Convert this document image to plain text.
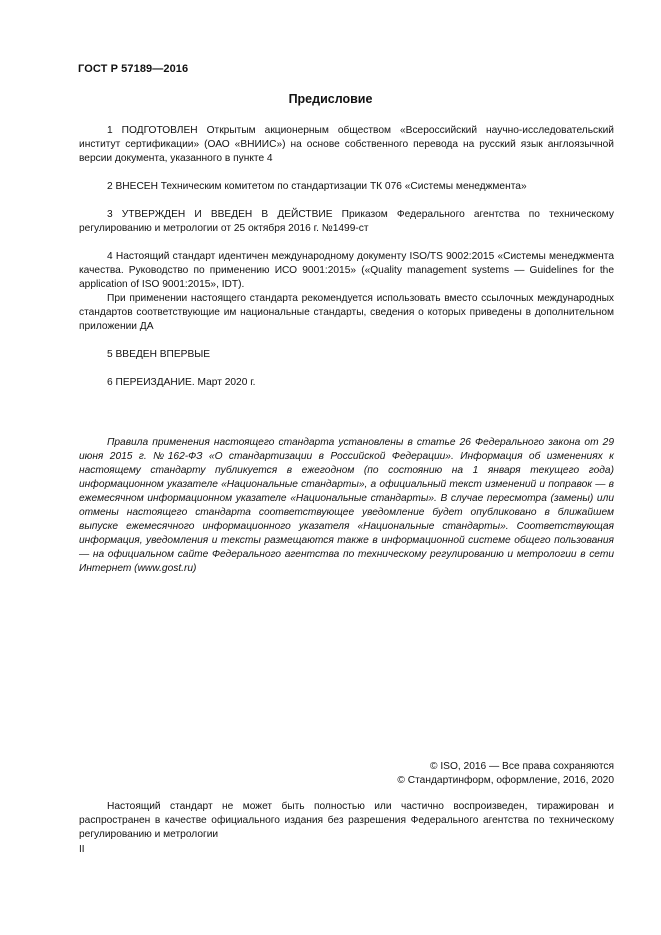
ГОСТ Р 57189—2016
Предисловие

1 ПОДГОТОВЛЕН Открытым акционерным обществом «Всероссийский научно-исследовательский институт сертификации» (ОАО «ВНИИС») на основе собственного перевода на русский язык англоязычной версии документа, указанного в пункте 4

2 ВНЕСЕН Техническим комитетом по стандартизации ТК 076 «Системы менеджмента»

3 УТВЕРЖДЕН И ВВЕДЕН В ДЕЙСТВИЕ Приказом Федерального агентства по техническому регулированию и метрологии от 25 октября 2016 г. №1499-ст

4 Настоящий стандарт идентичен международному документу ISO/TS 9002:2015 «Системы менеджмента качества. Руководство по применению ИСО 9001:2015» («Quality management systems — Guidelines for the application of ISO 9001:2015», IDT).

При применении настоящего стандарта рекомендуется использовать вместо ссылочных международных стандартов соответствующие им национальные стандарты, сведения о которых приведены в дополнительном приложении ДА

5 ВВЕДЕН ВПЕРВЫЕ

6 ПЕРЕИЗДАНИЕ. Март 2020 г.

Правила применения настоящего стандарта установлены в статье 26 Федерального закона от 29 июня 2015 г. №162-ФЗ «О стандартизации в Российской Федерации». Информация об изменениях к настоящему стандарту публикуется в ежегодном (по состоянию на 1 января текущего года) информационном указателе «Национальные стандарты», а официальный текст изменений и поправок — в ежемесячном информационном указателе «Национальные стандарты». В случае пересмотра (замены) или отмены настоящего стандарта соответствующее уведомление будет опубликовано в ближайшем выпуске ежемесячного информационного указателя «Национальные стандарты». Соответствующая информация, уведомления и тексты размещаются также в информационной системе общего пользования — на официальном сайте Федерального агентства по техническому регулированию и метрологии в сети Интернет (www.gost.ru)

© ISO, 2016 — Все права сохраняются
© Стандартинформ, оформление, 2016, 2020

Настоящий стандарт не может быть полностью или частично воспроизведен, тиражирован и распространен в качестве официального издания без разрешения Федерального агентства по техническому регулированию и метрологии

II
